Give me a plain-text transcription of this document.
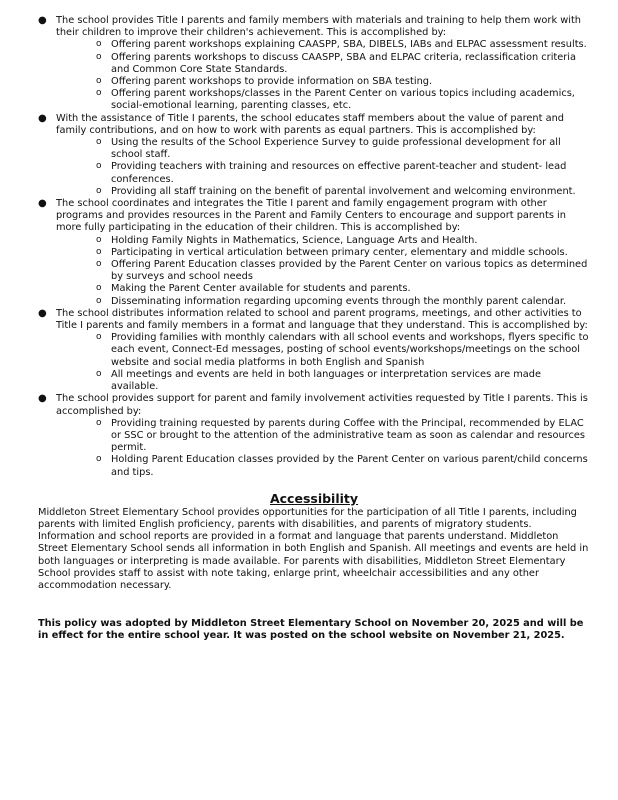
● The school provides Title I parents and family members with materials and training to help them work with their children to improve their children's achievement. This is accomplished by:
o Offering parent workshops explaining CAASPP, SBA, DIBELS, IABs and ELPAC assessment results.
o Offering parents workshops to discuss CAASPP, SBA and ELPAC criteria, reclassification criteria and Common Core State Standards.
o Offering parent workshops to provide information on SBA testing.
o Offering parent workshops/classes in the Parent Center on various topics including academics, social-emotional learning, parenting classes, etc.
● With the assistance of Title I parents, the school educates staff members about the value of parent and family contributions, and on how to work with parents as equal partners. This is accomplished by:
o Using the results of the School Experience Survey to guide professional development for all school staff.
o Providing teachers with training and resources on effective parent-teacher and student- lead conferences.
o Providing all staff training on the benefit of parental involvement and welcoming environment.
● The school coordinates and integrates the Title I parent and family engagement program with other programs and provides resources in the Parent and Family Centers to encourage and support parents in more fully participating in the education of their children. This is accomplished by:
o Holding Family Nights in Mathematics, Science, Language Arts and Health.
o Participating in vertical articulation between primary center, elementary and middle schools.
o Offering Parent Education classes provided by the Parent Center on various topics as determined by surveys and school needs
o Making the Parent Center available for students and parents.
o Disseminating information regarding upcoming events through the monthly parent calendar.
● The school distributes information related to school and parent programs, meetings, and other activities to Title I parents and family members in a format and language that they understand. This is accomplished by:
o Providing families with monthly calendars with all school events and workshops, flyers specific to each event, Connect-Ed messages, posting of school events/workshops/meetings on the school website and social media platforms in both English and Spanish
o All meetings and events are held in both languages or interpretation services are made available.
● The school provides support for parent and family involvement activities requested by Title I parents. This is accomplished by:
o Providing training requested by parents during Coffee with the Principal, recommended by ELAC or SSC or brought to the attention of the administrative team as soon as calendar and resources permit.
o Holding Parent Education classes provided by the Parent Center on various parent/child concerns and tips.
Accessibility
Middleton Street Elementary School provides opportunities for the participation of all Title I parents, including parents with limited English proficiency, parents with disabilities, and parents of migratory students. Information and school reports are provided in a format and language that parents understand. Middleton Street Elementary School sends all information in both English and Spanish. All meetings and events are held in both languages or interpreting is made available. For parents with disabilities, Middleton Street Elementary School provides staff to assist with note taking, enlarge print, wheelchair accessibilities and any other accommodation necessary.
This policy was adopted by Middleton Street Elementary School on November 20, 2025 and will be in effect for the entire school year. It was posted on the school website on November 21, 2025.
